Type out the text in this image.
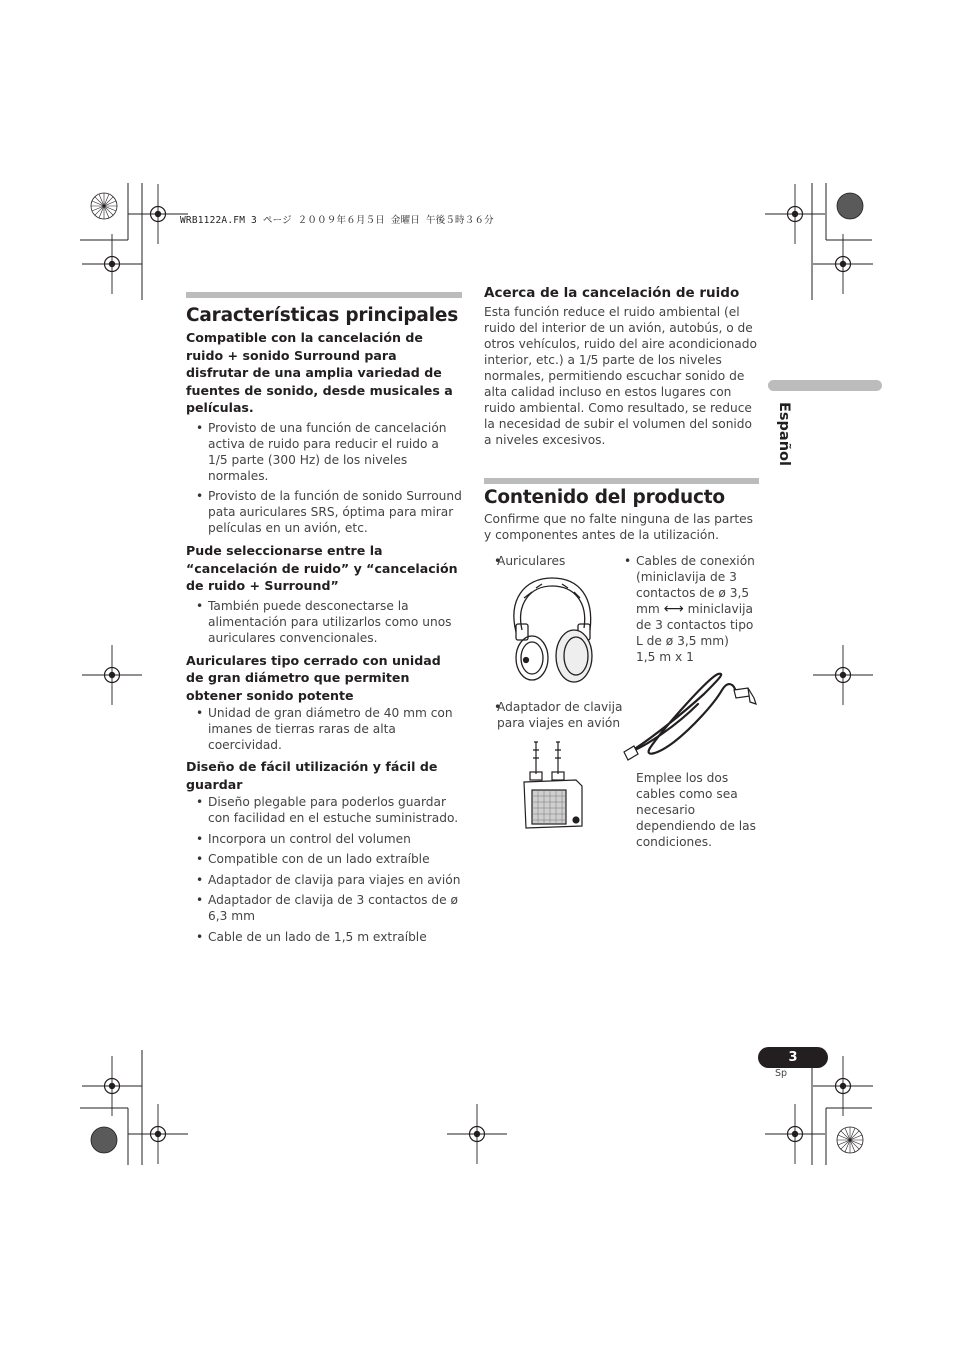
WRB1122A.FM 3 ページ ２００９年６月５日 金曜日 午後５時３６分
Características principales
Compatible con la cancelación de ruido + sonido Surround para disfrutar de una amplia variedad de fuentes de sonido, desde musicales a películas.
• Provisto de una función de cancelación activa de ruido para reducir el ruido a 1/5 parte (300 Hz) de los niveles normales.
• Provisto de la función de sonido Surround pata auriculares SRS, óptima para mirar películas en un avión, etc.
Pude seleccionarse entre la “cancelación de ruido” y “cancelación de ruido + Surround”
• También puede desconectarse la alimentación para utilizarlos como unos auriculares convencionales.
Auriculares tipo cerrado con unidad de gran diámetro que permiten obtener sonido potente
• Unidad de gran diámetro de 40 mm con imanes de tierras raras de alta coercividad.
Diseño de fácil utilización y fácil de guardar
• Diseño plegable para poderlos guardar con facilidad en el estuche suministrado.
• Incorpora un control del volumen
• Compatible con de un lado extraíble
• Adaptador de clavija para viajes en avión
• Adaptador de clavija de 3 contactos de ø 6,3 mm
• Cable de un lado de 1,5 m extraíble
Acerca de la cancelación de ruido
Esta función reduce el ruido ambiental (el ruido del interior de un avión, autobús, o de otros vehículos, ruido del aire acondicionado interior, etc.) a 1/5 parte de los niveles normales, permitiendo escuchar sonido de alta calidad incluso en estos lugares con ruido ambiental. Como resultado, se reduce la necesidad de subir el volumen del sonido a niveles excesivos.
Contenido del producto
Confirme que no falte ninguna de las partes y componentes antes de la utilización.
• Auriculares
• Adaptador de clavija para viajes en avión
• Cables de conexión (miniclavija de 3 contactos de ø 3,5 mm ⟷ miniclavija de 3 contactos tipo L de ø 3,5 mm)
1,5 m x 1
Emplee los dos cables como sea necesario dependiendo de las condiciones.
Español
3
Sp
